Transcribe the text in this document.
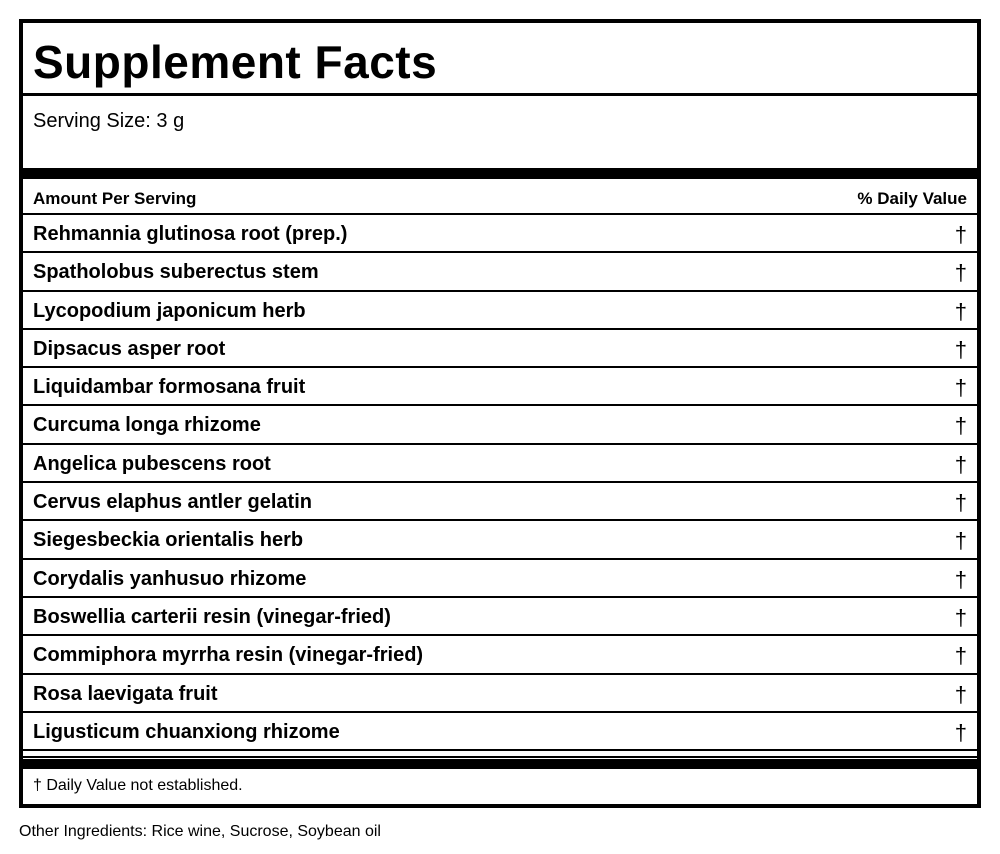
Supplement Facts
Serving Size: 3 g
Amount Per Serving	% Daily Value
Rehmannia glutinosa root (prep.)	†
Spatholobus suberectus stem	†
Lycopodium japonicum herb	†
Dipsacus asper root	†
Liquidambar formosana fruit	†
Curcuma longa rhizome	†
Angelica pubescens root	†
Cervus elaphus antler gelatin	†
Siegesbeckia orientalis herb	†
Corydalis yanhusuo rhizome	†
Boswellia carterii resin (vinegar-fried)	†
Commiphora myrrha resin (vinegar-fried)	†
Rosa laevigata fruit	†
Ligusticum chuanxiong rhizome	†
† Daily Value not established.
Other Ingredients: Rice wine, Sucrose, Soybean oil
